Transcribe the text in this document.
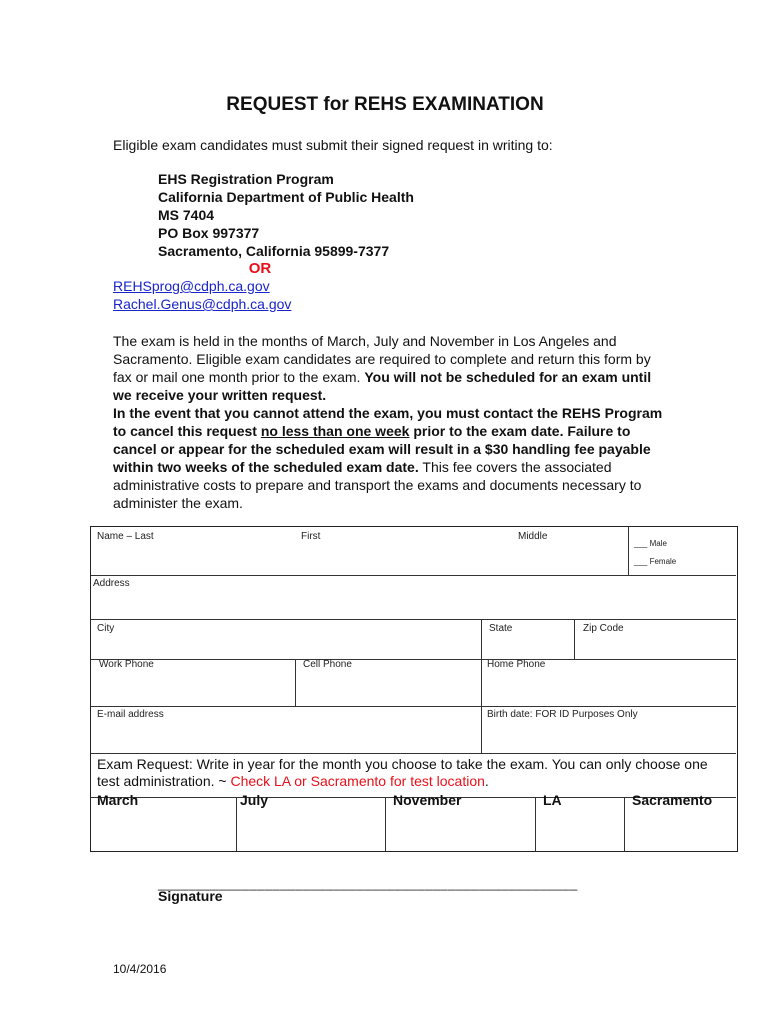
REQUEST for REHS EXAMINATION
Eligible exam candidates must submit their signed request in writing to:
EHS Registration Program
California Department of Public Health
MS 7404
PO Box 997377
Sacramento, California 95899-7377
OR
REHSprog@cdph.ca.gov
Rachel.Genus@cdph.ca.gov
The exam is held in the months of March, July and November in Los Angeles and Sacramento. Eligible exam candidates are required to complete and return this form by fax or mail one month prior to the exam. You will not be scheduled for an exam until we receive your written request.
In the event that you cannot attend the exam, you must contact the REHS Program to cancel this request no less than one week prior to the exam date. Failure to cancel or appear for the scheduled exam will result in a $30 handling fee payable within two weeks of the scheduled exam date. This fee covers the associated administrative costs to prepare and transport the exams and documents necessary to administer the exam.
Name – Last	First	Middle
___ Male
___ Female
Address
City	State	Zip Code
Work Phone	Cell Phone	Home Phone
E-mail address	Birth date: FOR ID Purposes Only
Exam Request: Write in year for the month you choose to take the exam. You can only choose one test administration. ~ Check LA or Sacramento for test location.
March	July	November	LA	Sacramento
_______________________________________________________
Signature
10/4/2016
